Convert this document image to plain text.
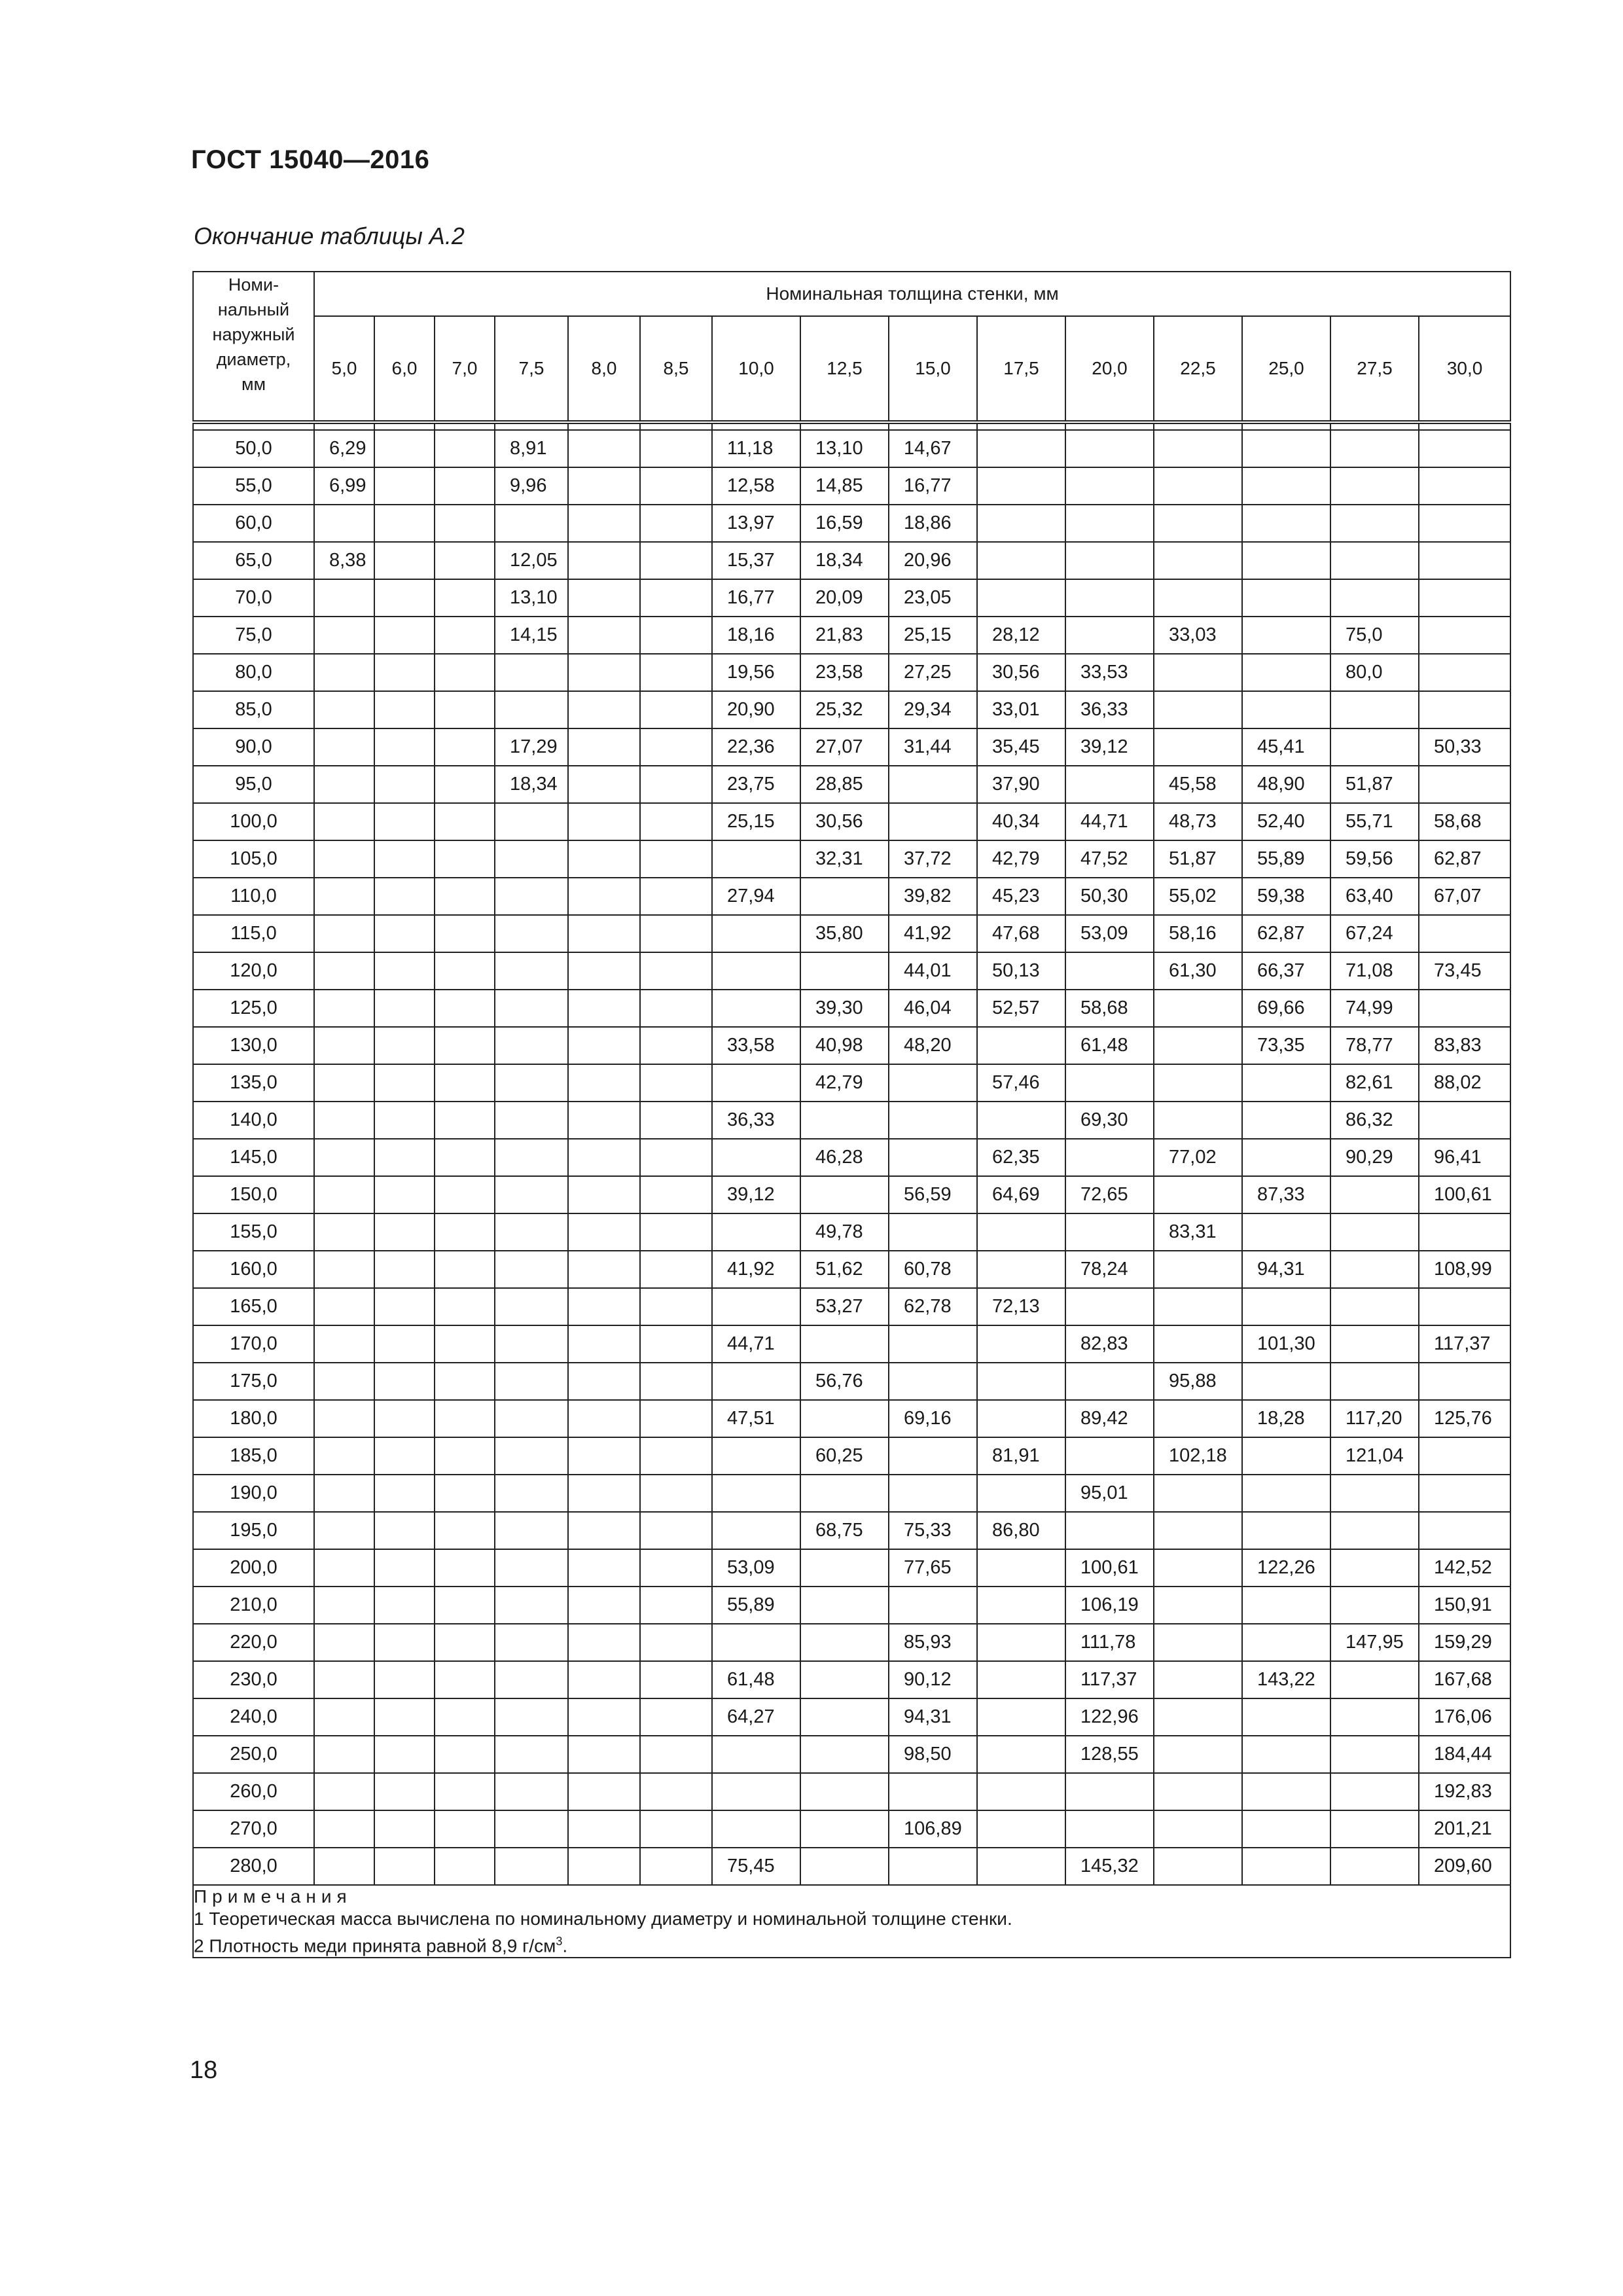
ГОСТ 15040—2016
Окончание таблицы А.2
Номи-
нальный
наружный
диаметр,
мм	Номинальная толщина стенки, мм														
	5,0	6,0	7,0	7,5	8,0	8,5	10,0	12,5	15,0	17,5	20,0	22,5	25,0	27,5	30,0

50,0	6,29			8,91			11,18	13,10	14,67						
55,0	6,99			9,96			12,58	14,85	16,77						
60,0							13,97	16,59	18,86						
65,0	8,38			12,05			15,37	18,34	20,96						
70,0				13,10			16,77	20,09	23,05						
75,0				14,15			18,16	21,83	25,15	28,12		33,03		75,0	
80,0							19,56	23,58	27,25	30,56	33,53			80,0	
85,0							20,90	25,32	29,34	33,01	36,33				
90,0				17,29			22,36	27,07	31,44	35,45	39,12		45,41		50,33
95,0				18,34			23,75	28,85		37,90		45,58	48,90	51,87	
100,0							25,15	30,56		40,34	44,71	48,73	52,40	55,71	58,68
105,0								32,31	37,72	42,79	47,52	51,87	55,89	59,56	62,87
110,0							27,94		39,82	45,23	50,30	55,02	59,38	63,40	67,07
115,0								35,80	41,92	47,68	53,09	58,16	62,87	67,24	
120,0									44,01	50,13		61,30	66,37	71,08	73,45
125,0								39,30	46,04	52,57	58,68		69,66	74,99	
130,0							33,58	40,98	48,20		61,48		73,35	78,77	83,83
135,0								42,79		57,46				82,61	88,02
140,0							36,33				69,30			86,32	
145,0								46,28		62,35		77,02		90,29	96,41
150,0							39,12		56,59	64,69	72,65		87,33		100,61
155,0								49,78				83,31			
160,0							41,92	51,62	60,78		78,24		94,31		108,99
165,0								53,27	62,78	72,13					
170,0							44,71				82,83		101,30		117,37
175,0								56,76				95,88			
180,0							47,51		69,16		89,42		18,28	117,20	125,76
185,0								60,25		81,91		102,18		121,04	
190,0											95,01				
195,0								68,75	75,33	86,80					
200,0							53,09		77,65		100,61		122,26		142,52
210,0							55,89				106,19				150,91
220,0									85,93		111,78			147,95	159,29
230,0							61,48		90,12		117,37		143,22		167,68
240,0							64,27		94,31		122,96				176,06
250,0									98,50		128,55				184,44
260,0															192,83
270,0									106,89						201,21
280,0							75,45				145,32				209,60

Примечания
1 Теоретическая масса вычислена по номинальному диаметру и номинальной толщине стенки.
2 Плотность меди принята равной 8,9 $г/см^3$.															
18
